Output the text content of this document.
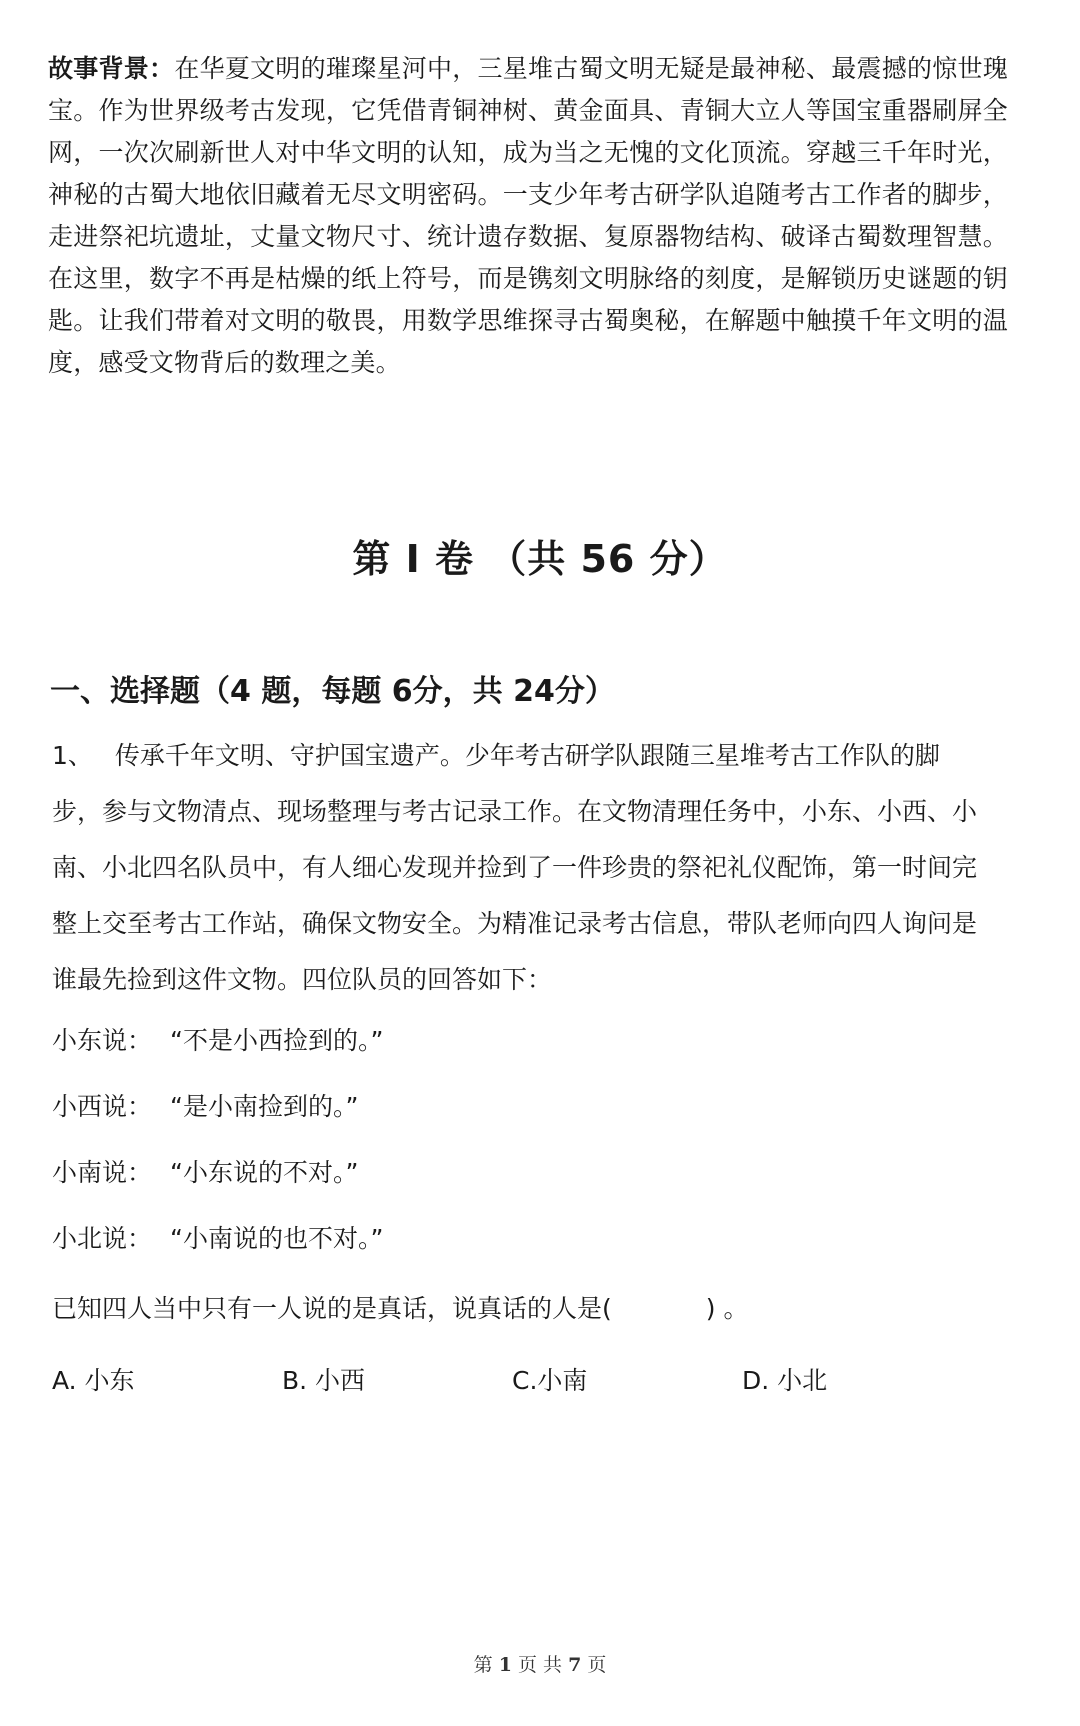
故事背景：在华夏文明的璀璨星河中，三星堆古蜀文明无疑是最神秘、最震撼的惊世瑰宝。作为世界级考古发现，它凭借青铜神树、黄金面具、青铜大立人等国宝重器刷屏全网，一次次刷新世人对中华文明的认知，成为当之无愧的文化顶流。穿越三千年时光，神秘的古蜀大地依旧藏着无尽文明密码。一支少年考古研学队追随考古工作者的脚步，走进祭祀坑遗址，丈量文物尺寸、统计遗存数据、复原器物结构、破译古蜀数理智慧。在这里，数字不再是枯燥的纸上符号，而是镌刻文明脉络的刻度，是解锁历史谜题的钥匙。让我们带着对文明的敬畏，用数学思维探寻古蜀奥秘，在解题中触摸千年文明的温度，感受文物背后的数理之美。
第 I 卷 （共 56 分）
一、选择题（4 题，每题 6分，共 24分）
1、 传承千年文明、守护国宝遗产。少年考古研学队跟随三星堆考古工作队的脚步，参与文物清点、现场整理与考古记录工作。在文物清理任务中，小东、小西、小南、小北四名队员中，有人细心发现并捡到了一件珍贵的祭祀礼仪配饰，第一时间完整上交至考古工作站，确保文物安全。为精准记录考古信息，带队老师向四人询问是谁最先捡到这件文物。四位队员的回答如下：
小东说： “不是小西捡到的。”
小西说： “是小南捡到的。”
小南说： “小东说的不对。”
小北说： “小南说的也不对。”
已知四人当中只有一人说的是真话，说真话的人是(	) 。
A. 小东	B. 小西	C.小南	D. 小北
第 1 页 共 7 页
